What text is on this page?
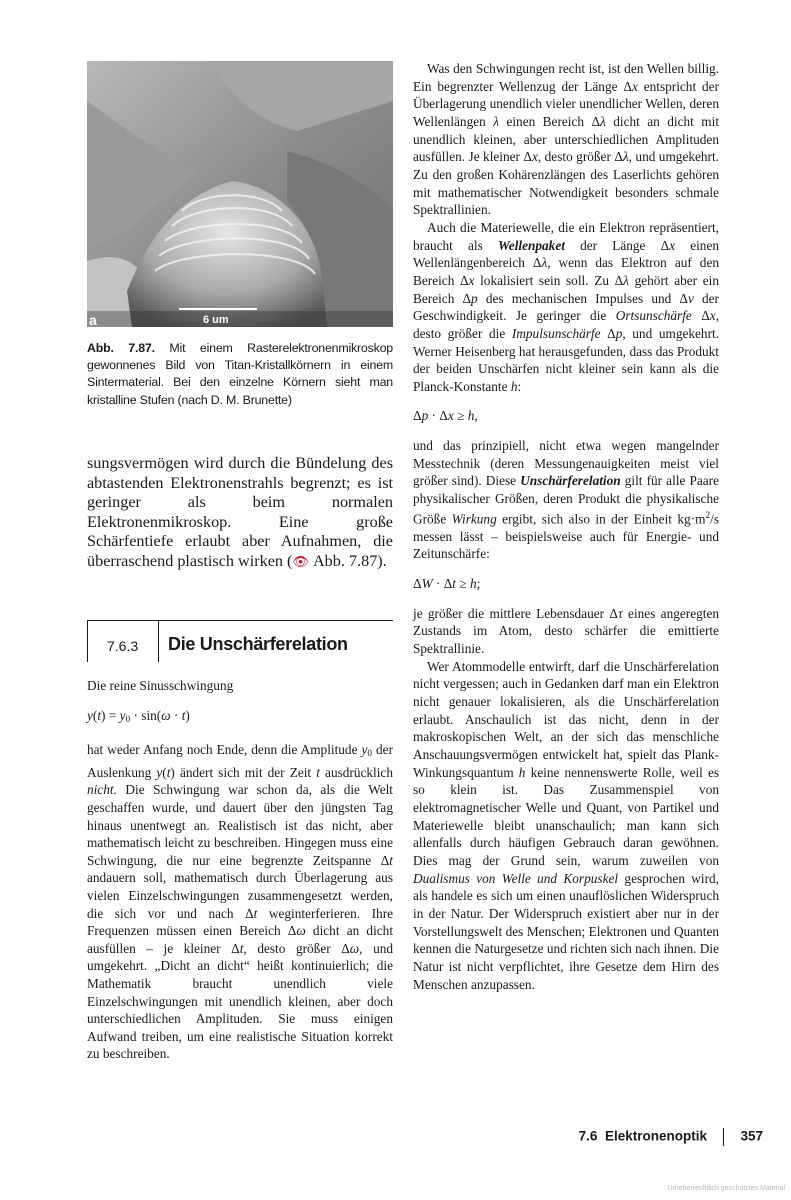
6 um
a
Abb. 7.87. Mit einem Rasterelektronenmikroskop gewonnenes Bild von Titan-Kristallkörnern in einem Sintermaterial. Bei den einzelne Körnern sieht man kristalline Stufen (nach D. M. Brunette)

sungsvermögen wird durch die Bündelung des abtastenden Elektronenstrahls begrenzt; es ist geringer als beim normalen Elektronenmikroskop. Eine große Schärfentiefe erlaubt aber Aufnahmen, die überraschend plastisch wirken (👁 Abb. 7.87).

7.6.3 Die Unschärferelation

Die reine Sinusschwingung

$y(t) = y_0 \cdot \sin(\omega \cdot t)$

hat weder Anfang noch Ende, denn die Amplitude $y_0$ der Auslenkung y(t) ändert sich mit der Zeit t ausdrücklich nicht. Die Schwingung war schon da, als die Welt geschaffen wurde, und dauert über den jüngsten Tag hinaus unentwegt an. Realistisch ist das nicht, aber mathematisch leicht zu beschreiben. Hingegen muss eine Schwingung, die nur eine begrenzte Zeitspanne Δt andauern soll, mathematisch durch Überlagerung aus vielen Einzelschwingungen zusammengesetzt werden, die sich vor und nach Δt weginterferieren. Ihre Frequenzen müssen einen Bereich Δω dicht an dicht ausfüllen – je kleiner Δt, desto größer Δω, und umgekehrt. „Dicht an dicht“ heißt kontinuierlich; die Mathematik braucht unendlich viele Einzelschwingungen mit unendlich kleinen, aber doch unterschiedlichen Amplituden. Sie muss einigen Aufwand treiben, um eine realistische Situation korrekt zu beschreiben.

Was den Schwingungen recht ist, ist den Wellen billig. Ein begrenzter Wellenzug der Länge Δx entspricht der Überlagerung unendlich vieler unendlicher Wellen, deren Wellenlängen λ einen Bereich Δλ dicht an dicht mit unendlich kleinen, aber unterschiedlichen Amplituden ausfüllen. Je kleiner Δx, desto größer Δλ, und umgekehrt. Zu den großen Kohärenzlängen des Laserlichts gehören mit mathematischer Notwendigkeit besonders schmale Spektrallinien.

Auch die Materiewelle, die ein Elektron repräsentiert, braucht als Wellenpaket der Länge Δx einen Wellenlängenbereich Δλ, wenn das Elektron auf den Bereich Δx lokalisiert sein soll. Zu Δλ gehört aber ein Bereich Δp des mechanischen Impulses und Δv der Geschwindigkeit. Je geringer die Ortsunschärfe Δx, desto größer die Impulsunschärfe Δp, und umgekehrt. Werner Heisenberg hat herausgefunden, dass das Produkt der beiden Unschärfen nicht kleiner sein kann als die Planck-Konstante h:

Δp · Δx ≥ h,

und das prinzipiell, nicht etwa wegen mangelnder Messtechnik (deren Messungenauigkeiten meist viel größer sind). Diese Unschärferelation gilt für alle Paare physikalischer Größen, deren Produkt die physikalische Größe Wirkung ergibt, sich also in der Einheit $kg\cdot m^2/s$ messen lässt – beispielsweise auch für Energie- und Zeitunschärfe:

ΔW · Δt ≥ h;

je größer die mittlere Lebensdauer Δτ eines angeregten Zustands im Atom, desto schärfer die emittierte Spektrallinie.

Wer Atommodelle entwirft, darf die Unschärferelation nicht vergessen; auch in Gedanken darf man ein Elektron nicht genauer lokalisieren, als die Unschärferelation erlaubt. Anschaulich ist das nicht, denn in der makroskopischen Welt, an der sich das menschliche Anschauungsvermögen entwickelt hat, spielt das Plank-Winkungsquantum h keine nennenswerte Rolle, weil es so klein ist. Das Zusammenspiel von elektromagnetischer Welle und Quant, von Partikel und Materiewelle bleibt unanschaulich; man kann sich allenfalls durch häufigen Gebrauch daran gewöhnen. Dies mag der Grund sein, warum zuweilen von Dualismus von Welle und Korpuskel gesprochen wird, als handele es sich um einen unauflöslichen Widerspruch in der Natur. Der Widerspruch existiert aber nur in der Vorstellungswelt des Menschen; Elektronen und Quanten kennen die Naturgesetze und richten sich nach ihnen. Die Natur ist nicht verpflichtet, ihre Gesetze dem Hirn des Menschen anzupassen.

7.6  Elektronenoptik 357
Urheberrechtlich geschütztes Material
